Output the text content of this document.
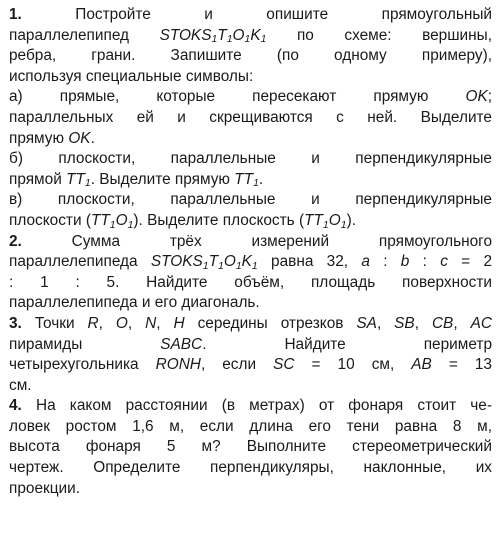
1.	Постройте и опишите прямоугольный
параллелепипед $STOKS_1T_1O_1K_1$ по схеме: вершины,
ребра, грани. Запишите (по одному примеру),
используя специальные символы:
а) прямые, которые пересекают прямую OK;
параллельных ей и скрещиваются с ней. Выделите
прямую OK.
б) плоскости, параллельные и перпендикулярные
прямой $TT_1$. Выделите прямую $TT_1$.
в) плоскости, параллельные и перпендикулярные
плоскости $(TT_1O_1)$. Выделите плоскость $(TT_1O_1)$.
2.	Сумма трёх измерений прямоугольного
параллелепипеда $STOKS_1T_1O_1K_1$ равна 32, a : b : c = 2
: 1 : 5. Найдите объём, площадь поверхности
параллелепипеда и его диагональ.
3. Точки R, O, N, H середины отрезков SA, SB, CB, AC
пирамиды SABC. Найдите периметр
четырехугольника RONH, если SC = 10 см, AB = 13
см.
4. На каком расстоянии (в метрах) от фонаря стоит че-
ловек ростом 1,6 м, если длина его тени равна 8 м,
высота фонаря 5 м? Выполните стереометрический
чертеж. Определите перпендикуляры, наклонные, их
проекции.
